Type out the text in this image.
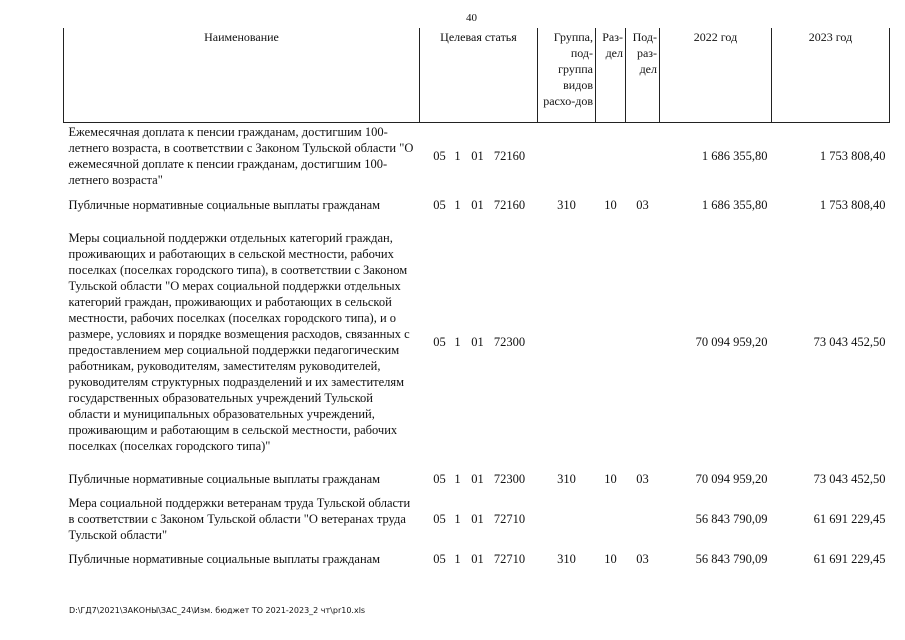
40
Наименование	Целевая статья	Группа, под-группа видов расхо-дов	Раз-дел	Под-раз-дел	2022 год	2023 год
Ежемесячная доплата к пенсии гражданам, достигшим 100-летнего возраста, в соответствии с Законом Тульской области "О ежемесячной доплате к пенсии гражданам, достигшим 100-летнего возраста"	05 1 01 72160				1 686 355,80	1 753 808,40
Публичные нормативные социальные выплаты гражданам	05 1 01 72160	310	10	03	1 686 355,80	1 753 808,40
Меры социальной поддержки отдельных категорий граждан, проживающих и работающих в сельской местности, рабочих поселках (поселках городского типа), в соответствии с Законом Тульской области "О мерах социальной поддержки отдельных категорий граждан, проживающих и работающих в сельской местности, рабочих поселках (поселках городского типа), и о размере, условиях и порядке возмещения расходов, связанных с предоставлением мер социальной поддержки педагогическим работникам, руководителям, заместителям руководителей, руководителям структурных подразделений и их заместителям государственных образовательных учреждений Тульской области и муниципальных образовательных учреждений, проживающим и работающим в сельской местности, рабочих поселках (поселках городского типа)"	05 1 01 72300				70 094 959,20	73 043 452,50
Публичные нормативные социальные выплаты гражданам	05 1 01 72300	310	10	03	70 094 959,20	73 043 452,50
Мера социальной поддержки ветеранам труда Тульской области в соответствии с Законом Тульской области "О ветеранах труда Тульской области"	05 1 01 72710				56 843 790,09	61 691 229,45
Публичные нормативные социальные выплаты гражданам	05 1 01 72710	310	10	03	56 843 790,09	61 691 229,45
D:\ГД7\2021\ЗАКОНЫ\ЗАС_24\Изм. бюджет ТО 2021-2023_2 чт\pr10.xls
